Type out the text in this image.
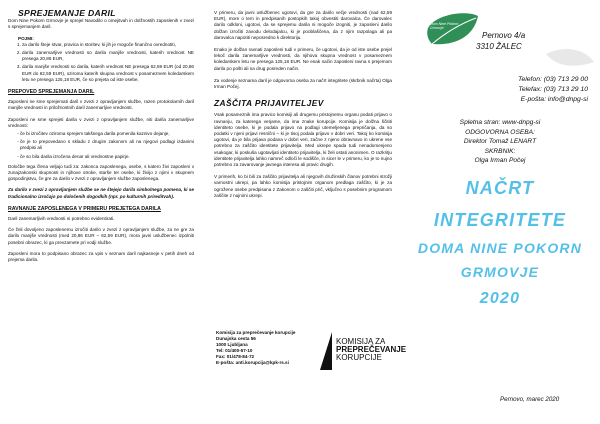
SPREJEMANJE DARIL
Dom Nine Pokorn Grmovje je sprejel Navodilo o omejitvah in dolžnostih zaposlenih v zvezi s sprejemanjem daril.
POJMI:
1. za darilo šteje stvar, pravica in storitev, ki jih je mogoče finančno ovrednotiti,
2. darila zanemarljive vrednosti so darila manjše vrednosti, katerih vrednost NE presega 20,86 EUR,
3. darila manjše vrednosti so darila, katerih vrednost NE presega 62,59 EUR (od 20,86 EUR do 62,59 EUR), oziroma katerih skupna vrednost v posameznem koledarskem letu ne presega 125,18 EUR, če so prejeta od iste osebe,
PREPOVED SPREJEMANJA DARIL
Zaposleni ne sme sprejemati daril v zvezi z opravljanjem službe, razen protokolarnih daril manjše vrednosti in priložnostnih daril zanemarljive vrednosti.
Zaposleni ne sme sprejeti darila v zvezi z opravljanjem službe, niti darila zanemarljive vrednosti:
- če bi izročitev oziroma sprejem takšnega darila pomenila kaznivo dejanje,
- če je to prepovedano s skladu z drugim zakonom ali na njegovi podlagi izdanimi predpisi ali
- če so bila darila izročena denar ali vrednostne papirje.
Določbe tega člena veljajo tudi za: zakonca zaposlenega, osebe, s katero živi zaposleni v zunajzakonski skupnosti in njihove otroke, starše ter osebe, ki živijo z njimi v skupnem gospodinjstvu, če gre za darilo v zvezi z opravljanjem službe zaposlenega.
Za darilo v zvezi z opravljanjem službe se ne štejejo darila simbolnega pomena, ki se tradicionalno izročajo po določenih dogodkih (npr. po kulturnih prireditvah).
RAVNANJE ZAPOSLENEGA V PRIMERU PREJETEGA DARILA
Daril zanemarljivih vrednosti ni potrebno evidentirati.
Če želi dovoljeno zaposlenemu izročiti darilo v zvezi z opravljanjem službe, za ne gre za darilo manjše vrednosti (med 20,86 EUR – 62,59 EUR), mora javni uslužbenec izpolniti posebni obrazec, ki ga prevzamete pri vodji službe.
Zaposleni mora to podpisano obrazec za vpis v seznam daril najkasneje v petih dneh od prejema darila.
V primeru, da javni uslužbenec ugotovi, da gre za darilo večje vrednosti (nad 62,59 EUR), more o tem in predpisanih postopkih takoj obvestiti darovalca. Če darovalec darilo odkloni, ugotovi, da se sprejemu darila ni mogoče izogniti, je zaposleni darilo dolžan izročiti zavodu delodajalcu, ki je pooblaščena, da z njim razpolaga ali pa darovalca napotiti neposredno k direktoriju.
Enako je dolžan ravnati zaposleni tudi v primeru, če ugotovi, da je od iste osebe prejel tekoč darila zanemarljive vrednosti, da njihova skupna vrednost v posameznem koledarskem letu ne presega 125,18 EUR. Ne enak način zaposleni ravna s prejemom darila po pošti ali na drug posreden način.
Za vodenje seznama daril je odgovorna oseba za načrt integritete (skrbnik načrta) Olga Irman Počej.
ZAŠČITA PRIJAVITELJEV
Vsak posameznik ima pravico komisiji ali drugemu pristojnemu organu podati prijavo o ravnanju, za katerega verjame, da ima znake korupcije. Komisija je dolžna ščititi identiteto osebe, ki je podala prijavo na podlagi utemeljenega prepričanja, da so podatki v njeni prijavi resnični – ki je tisoj podala prijavo v dobri veri. Takoj ko komisija ugotovi, da je bila prijava podana v dobri veri, začne z njeno obravnavo in ukrene vse potrebno za zaščito identitete prijavitelja. Med ukrepe spada tudi nenadomenjeno vsakogar, ki poskuša ugotavljati identiteto prijavitelja, ki želi ostati anonimen. O razkritju identitete prijavitelja lahko namreč odloči le sodišče, in sicer le v primeru, ko je to nujno potrebno za zavarovanje javnega interesa ali pravic drugih.
V primerih, ko bi bili za zaščito prijavitelja ali njegovih družinskih članov potrebni strožji varnostni ukrepi, pa lahko komisija pristojnim organom predlaga zaščito, ki je za ogrožene osebe predpisana z Zakonom o zaščiti prič, vključno s posebnim programom zaščite z nujnimi ukrepi.
Komisija za preprečevanje korupcije
Dunajska cesta 56
1000 Ljubljana
Tel: 01/400-57-10
Fax: 01/478-84-72
E-pošta: anti.korupcija@kpk-rs.si
KOMISIJA ZA
PREPREČEVANJE
KORUPCIJE
Dom Nine Pokorn Grmovje
Pernovo 4/a
3310 ŽALEC
Telefon: (03) 713 29 00
Telefax: (03) 713 29 10
E-pošta: info@dnpg-si
Spletna stran: www-dnpg-si
ODGOVORNA OSEBA:
Direktor Tomaž LENART
SKRBNIK:
Olga Irman Počej
NAČRT
INTEGRITETE
DOMA NINE POKORN
GRMOVJE
2020
Pernovo, marec 2020
